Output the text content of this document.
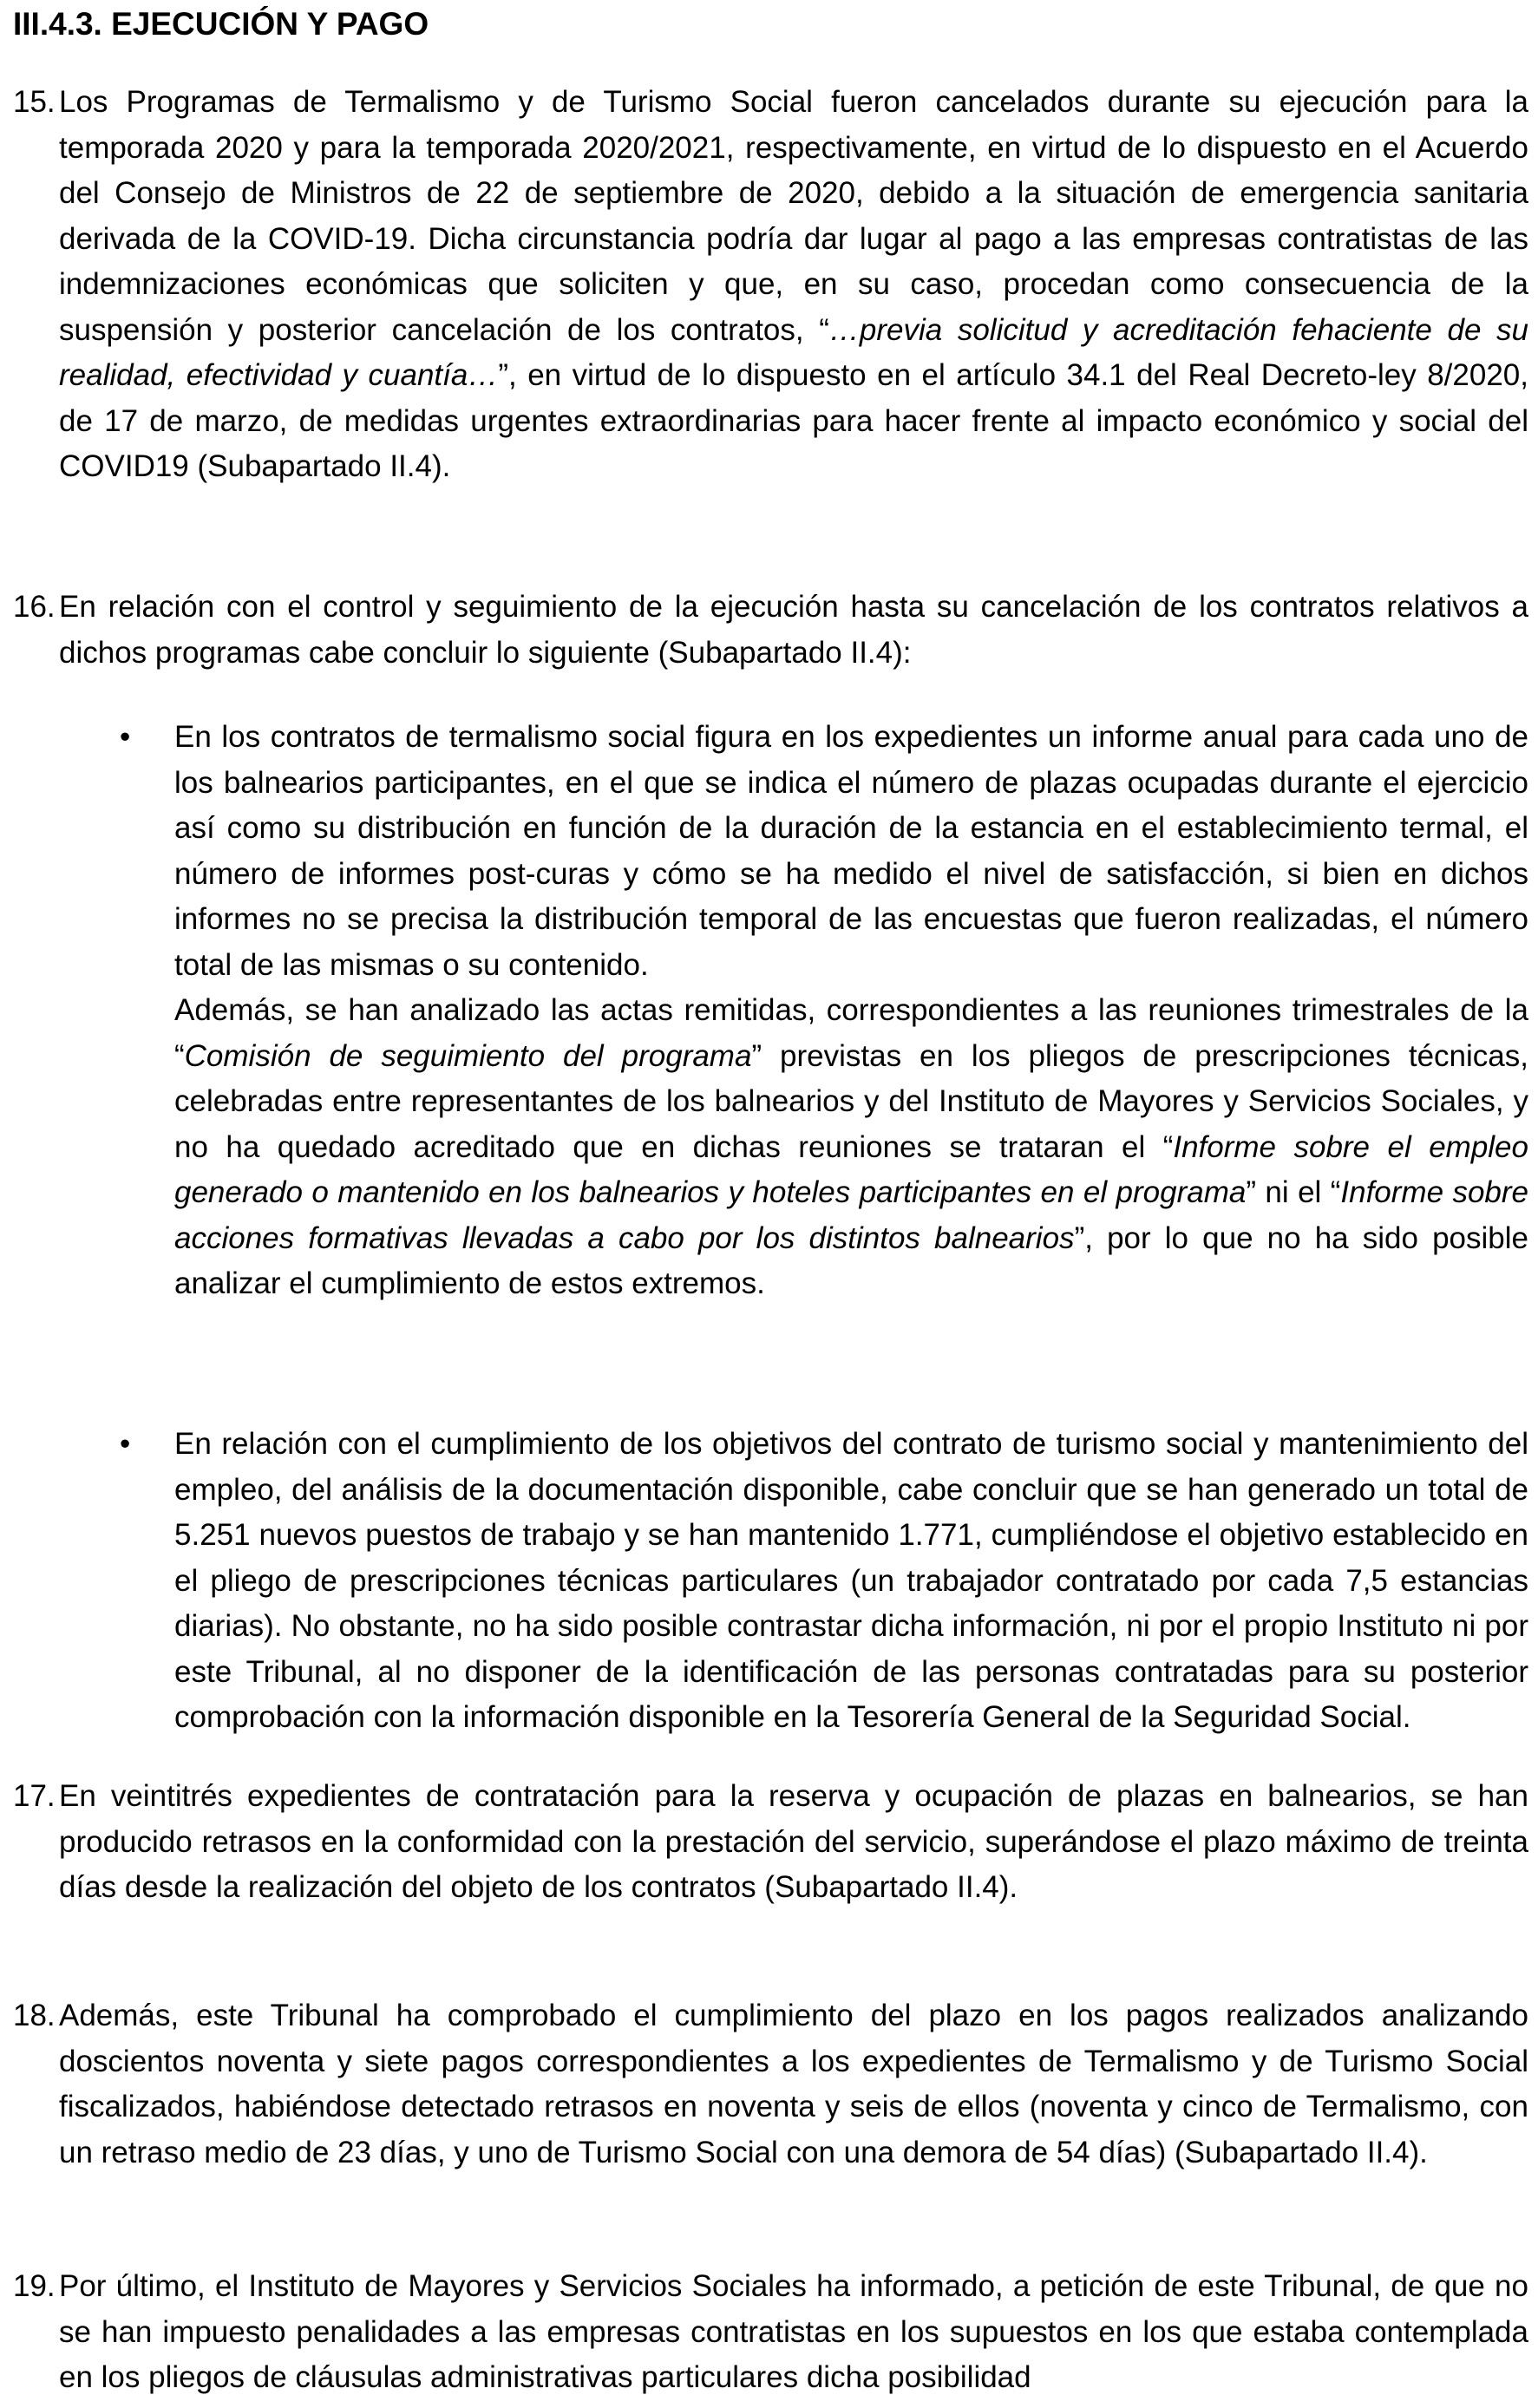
III.4.3. EJECUCIÓN Y PAGO
15. Los Programas de Termalismo y de Turismo Social fueron cancelados durante su ejecución para la temporada 2020 y para la temporada 2020/2021, respectivamente, en virtud de lo dispuesto en el Acuerdo del Consejo de Ministros de 22 de septiembre de 2020, debido a la situación de emergencia sanitaria derivada de la COVID-19. Dicha circunstancia podría dar lugar al pago a las empresas contratistas de las indemnizaciones económicas que soliciten y que, en su caso, procedan como consecuencia de la suspensión y posterior cancelación de los contratos, “…previa solicitud y acreditación fehaciente de su realidad, efectividad y cuantía…”, en virtud de lo dispuesto en el artículo 34.1 del Real Decreto-ley 8/2020, de 17 de marzo, de medidas urgentes extraordinarias para hacer frente al impacto económico y social del COVID19 (Subapartado II.4).

16. En relación con el control y seguimiento de la ejecución hasta su cancelación de los contratos relativos a dichos programas cabe concluir lo siguiente (Subapartado II.4):

• En los contratos de termalismo social figura en los expedientes un informe anual para cada uno de los balnearios participantes, en el que se indica el número de plazas ocupadas durante el ejercicio así como su distribución en función de la duración de la estancia en el establecimiento termal, el número de informes post-curas y cómo se ha medido el nivel de satisfacción, si bien en dichos informes no se precisa la distribución temporal de las encuestas que fueron realizadas, el número total de las mismas o su contenido.

Además, se han analizado las actas remitidas, correspondientes a las reuniones trimestrales de la “Comisión de seguimiento del programa” previstas en los pliegos de prescripciones técnicas, celebradas entre representantes de los balnearios y del Instituto de Mayores y Servicios Sociales, y no ha quedado acreditado que en dichas reuniones se trataran el “Informe sobre el empleo generado o mantenido en los balnearios y hoteles participantes en el programa” ni el “Informe sobre acciones formativas llevadas a cabo por los distintos balnearios”, por lo que no ha sido posible analizar el cumplimiento de estos extremos.

• En relación con el cumplimiento de los objetivos del contrato de turismo social y mantenimiento del empleo, del análisis de la documentación disponible, cabe concluir que se han generado un total de 5.251 nuevos puestos de trabajo y se han mantenido 1.771, cumpliéndose el objetivo establecido en el pliego de prescripciones técnicas particulares (un trabajador contratado por cada 7,5 estancias diarias). No obstante, no ha sido posible contrastar dicha información, ni por el propio Instituto ni por este Tribunal, al no disponer de la identificación de las personas contratadas para su posterior comprobación con la información disponible en la Tesorería General de la Seguridad Social.

17. En veintitrés expedientes de contratación para la reserva y ocupación de plazas en balnearios, se han producido retrasos en la conformidad con la prestación del servicio, superándose el plazo máximo de treinta días desde la realización del objeto de los contratos (Subapartado II.4).

18. Además, este Tribunal ha comprobado el cumplimiento del plazo en los pagos realizados analizando doscientos noventa y siete pagos correspondientes a los expedientes de Termalismo y de Turismo Social fiscalizados, habiéndose detectado retrasos en noventa y seis de ellos (noventa y cinco de Termalismo, con un retraso medio de 23 días, y uno de Turismo Social con una demora de 54 días) (Subapartado II.4).

19. Por último, el Instituto de Mayores y Servicios Sociales ha informado, a petición de este Tribunal, de que no se han impuesto penalidades a las empresas contratistas en los supuestos en los que estaba contemplada en los pliegos de cláusulas administrativas particulares dicha posibilidad
